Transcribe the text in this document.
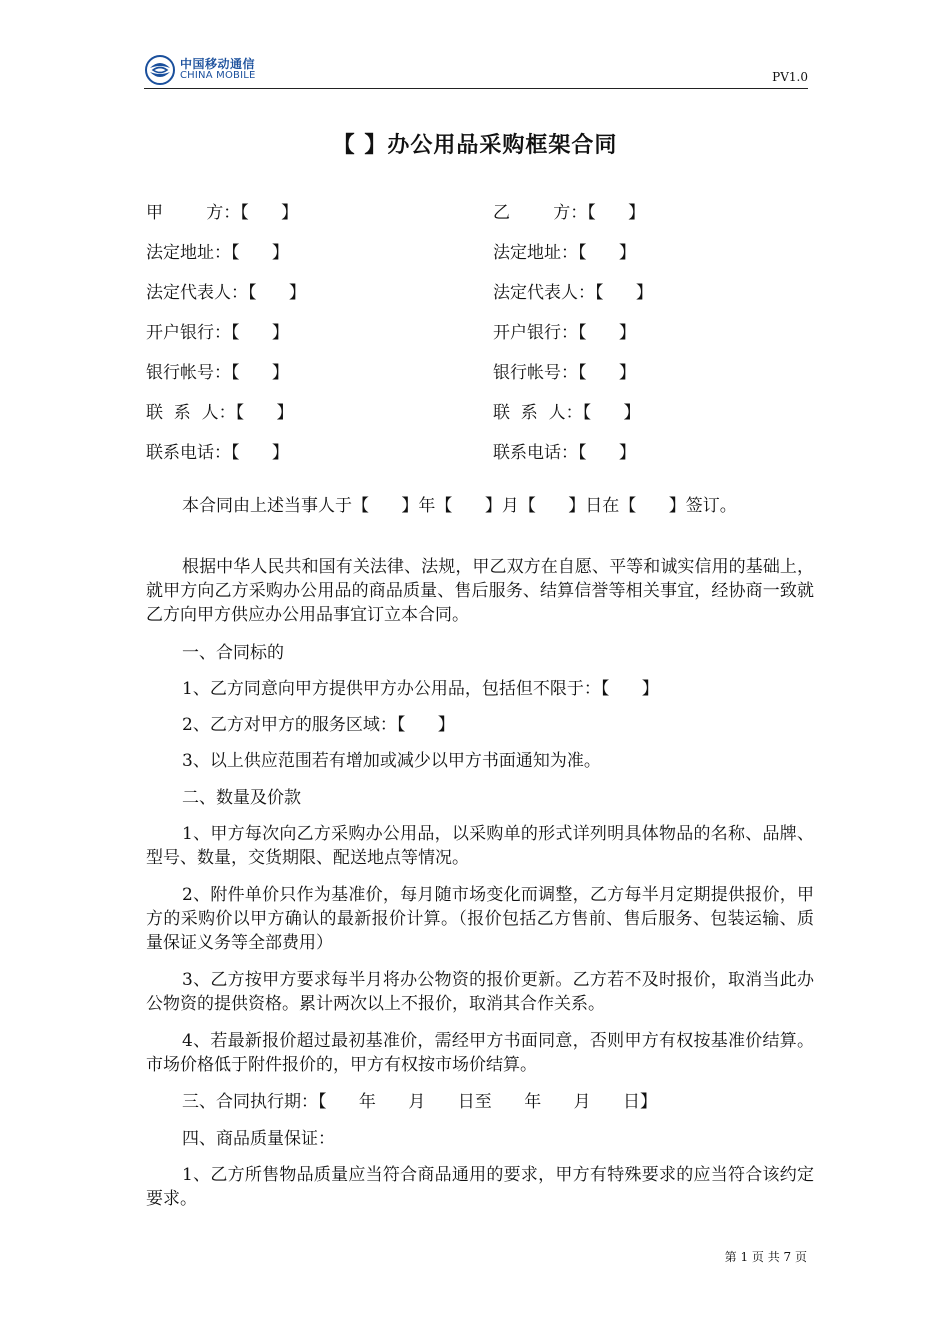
中国移动通信
CHINA MOBILE	PV1.0
【 】办公用品采购框架合同
甲        方：【      】
法定地址：【      】
法定代表人：【      】
开户银行：【      】
银行帐号：【      】
联  系  人：【      】
联系电话：【      】
乙        方：【      】
法定地址：【      】
法定代表人：【      】
开户银行：【      】
银行帐号：【      】
联  系  人：【      】
联系电话：【      】

本合同由上述当事人于【      】年【      】月【      】日在【      】签订。

根据中华人民共和国有关法律、法规，甲乙双方在自愿、平等和诚实信用的基础上，就甲方向乙方采购办公用品的商品质量、售后服务、结算信誉等相关事宜，经协商一致就乙方向甲方供应办公用品事宜订立本合同。

一、合同标的

1、乙方同意向甲方提供甲方办公用品，包括但不限于：【      】

2、乙方对甲方的服务区域：【      】

3、以上供应范围若有增加或减少以甲方书面通知为准。

二、数量及价款

1、甲方每次向乙方采购办公用品，以采购单的形式详列明具体物品的名称、品牌、型号、数量，交货期限、配送地点等情况。

2、附件单价只作为基准价，每月随市场变化而调整，乙方每半月定期提供报价，甲方的采购价以甲方确认的最新报价计算。（报价包括乙方售前、售后服务、包装运输、质量保证义务等全部费用）

3、乙方按甲方要求每半月将办公物资的报价更新。乙方若不及时报价，取消当此办公物资的提供资格。累计两次以上不报价，取消其合作关系。

4、若最新报价超过最初基准价，需经甲方书面同意，否则甲方有权按基准价结算。市场价格低于附件报价的，甲方有权按市场价结算。

三、合同执行期：【      年      月      日至      年      月      日】

四、商品质量保证：

1、乙方所售物品质量应当符合商品通用的要求，甲方有特殊要求的应当符合该约定要求。

第 1 页 共 7 页
